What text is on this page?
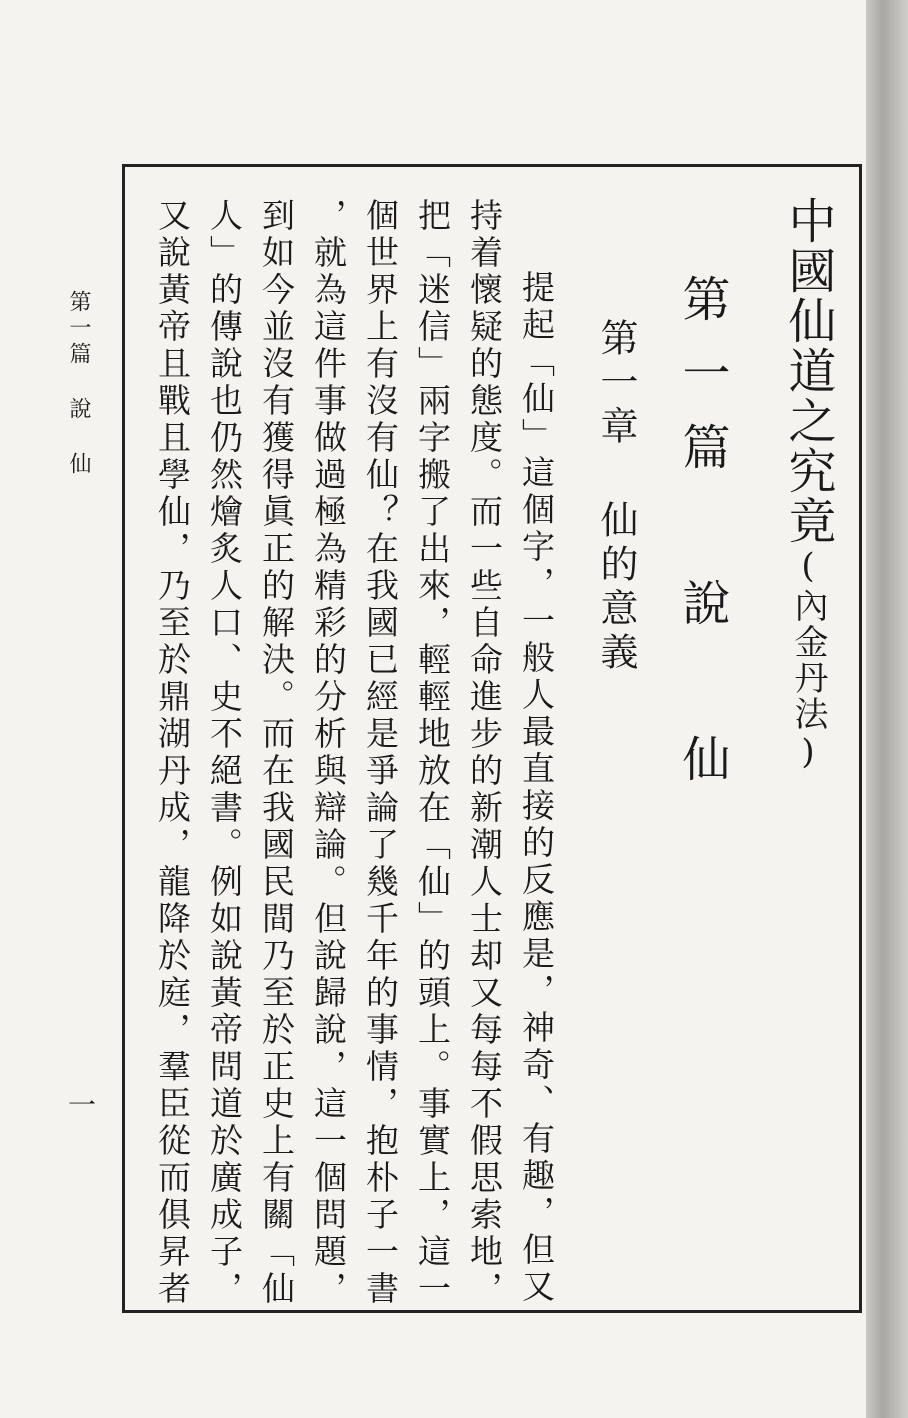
中國仙道之究竟(內金丹法)
第一篇 說 仙
第一章 仙的意義
提起「仙」這個字，一般人最直接的反應是，神奇、有趣，但又
持着懷疑的態度。而一些自命進步的新潮人士却又每每不假思索地，
把「迷信」兩字搬了出來，輕輕地放在「仙」的頭上。事實上，這一
個世界上有沒有仙？在我國已經是爭論了幾千年的事情，抱朴子一書
，就為這件事做過極為精彩的分析與辯論。但說歸說，這一個問題，
到如今並沒有獲得眞正的解決。而在我國民間乃至於正史上有關「仙
人」的傳說也仍然燴炙人口、史不絕書。例如說黃帝問道於廣成子，
又說黃帝且戰且學仙，乃至於鼎湖丹成，龍降於庭，羣臣從而俱昇者
第一篇 說 仙
一
